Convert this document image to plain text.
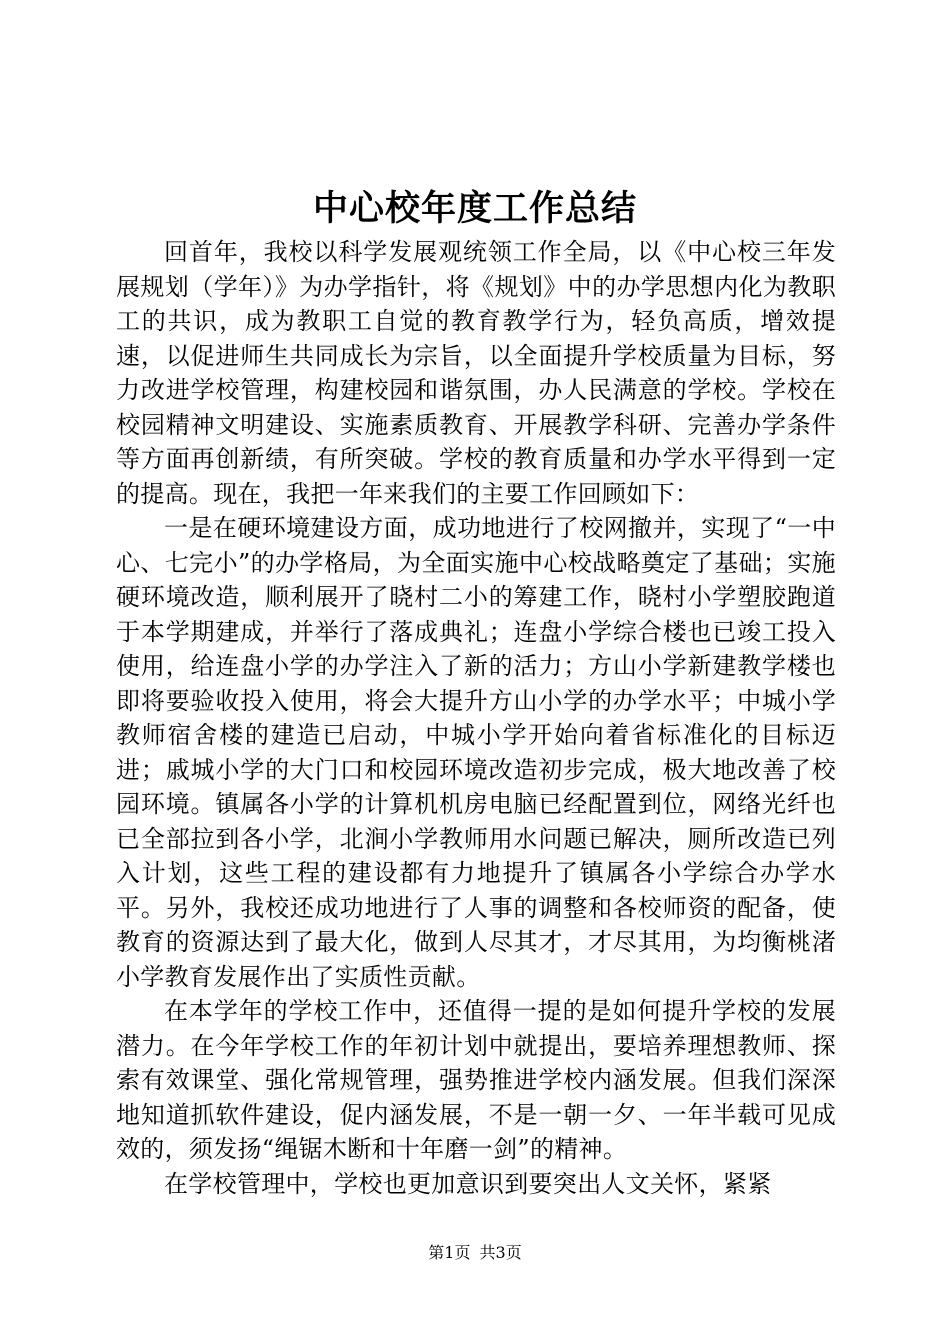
中心校年度工作总结

回首年，我校以科学发展观统领工作全局，以《中心校三年发展规划（学年）》为办学指针，将《规划》中的办学思想内化为教职工的共识，成为教职工自觉的教育教学行为，轻负高质，增效提速，以促进师生共同成长为宗旨，以全面提升学校质量为目标，努力改进学校管理，构建校园和谐氛围，办人民满意的学校。学校在校园精神文明建设、实施素质教育、开展教学科研、完善办学条件等方面再创新绩，有所突破。学校的教育质量和办学水平得到一定的提高。现在，我把一年来我们的主要工作回顾如下：

一是在硬环境建设方面，成功地进行了校网撤并，实现了“一中心、七完小”的办学格局，为全面实施中心校战略奠定了基础；实施硬环境改造，顺利展开了晓村二小的筹建工作，晓村小学塑胶跑道于本学期建成，并举行了落成典礼；连盘小学综合楼也已竣工投入使用，给连盘小学的办学注入了新的活力；方山小学新建教学楼也即将要验收投入使用，将会大提升方山小学的办学水平；中城小学教师宿舍楼的建造已启动，中城小学开始向着省标准化的目标迈进；戚城小学的大门口和校园环境改造初步完成，极大地改善了校园环境。镇属各小学的计算机机房电脑已经配置到位，网络光纤也已全部拉到各小学，北涧小学教师用水问题已解决，厕所改造已列入计划，这些工程的建设都有力地提升了镇属各小学综合办学水平。另外，我校还成功地进行了人事的调整和各校师资的配备，使教育的资源达到了最大化，做到人尽其才，才尽其用，为均衡桃渚小学教育发展作出了实质性贡献。

在本学年的学校工作中，还值得一提的是如何提升学校的发展潜力。在今年学校工作的年初计划中就提出，要培养理想教师、探索有效课堂、强化常规管理，强势推进学校内涵发展。但我们深深地知道抓软件建设，促内涵发展，不是一朝一夕、一年半载可见成效的，须发扬“绳锯木断和十年磨一剑”的精神。

在学校管理中，学校也更加意识到要突出人文关怀，紧紧

第1页 共3页
